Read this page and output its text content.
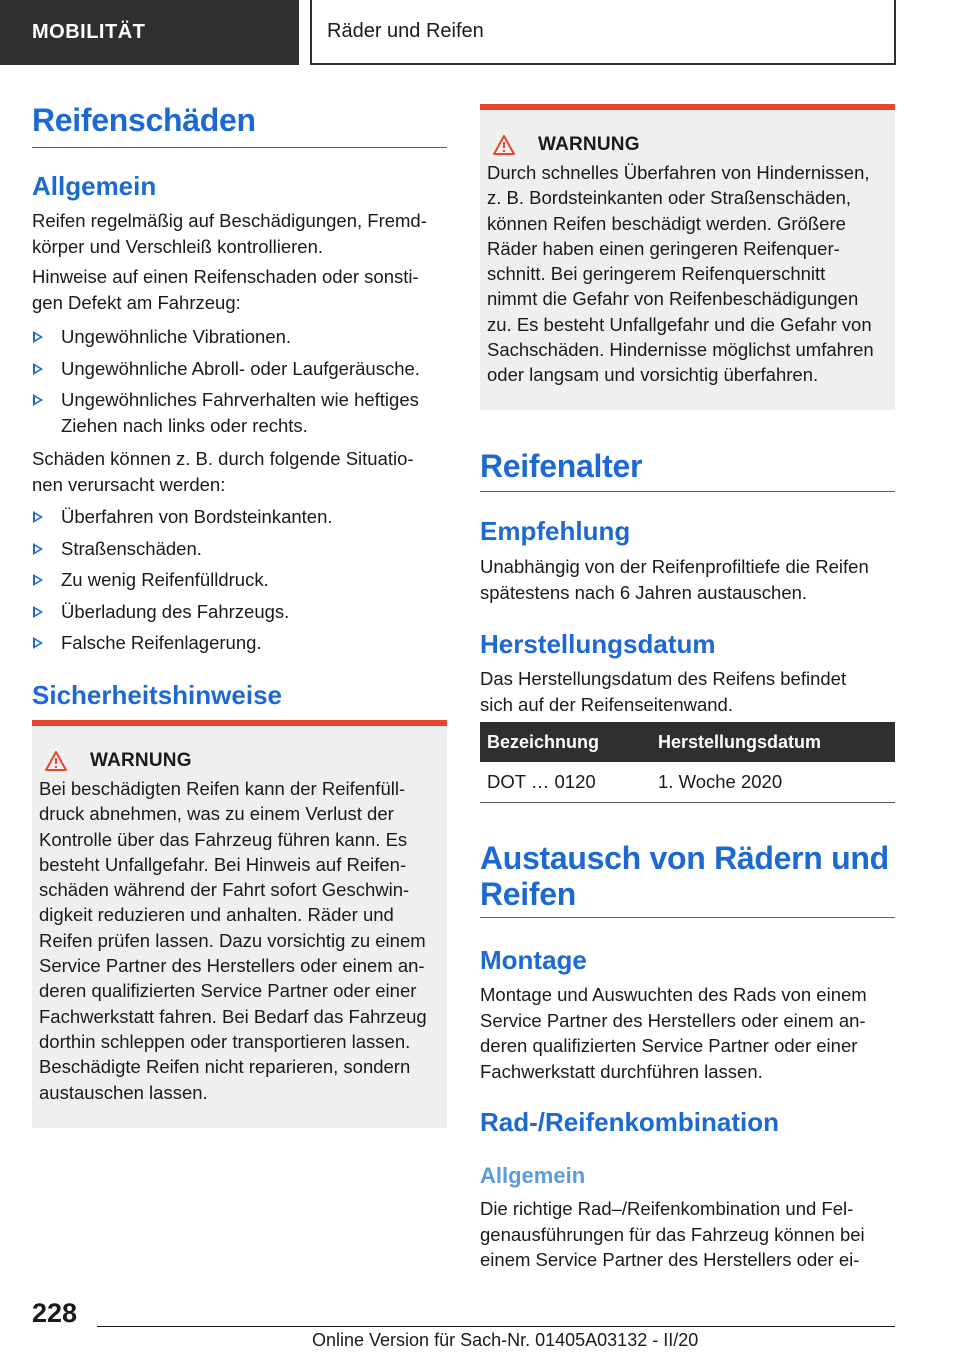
MOBILITÄT	Räder und Reifen
Reifenschäden
Allgemein

Reifen regelmäßig auf Beschädigungen, Fremd-
körper und Verschleiß kontrollieren.

Hinweise auf einen Reifenschaden oder sonsti-
gen Defekt am Fahrzeug:

Ungewöhnliche Vibrationen.
Ungewöhnliche Abroll- oder Laufgeräusche.
Ungewöhnliches Fahrverhalten wie heftiges
Ziehen nach links oder rechts.

Schäden können z. B. durch folgende Situatio-
nen verursacht werden:

Überfahren von Bordsteinkanten.
Straßenschäden.
Zu wenig Reifenfülldruck.
Überladung des Fahrzeugs.
Falsche Reifenlagerung.
Sicherheitshinweise
WARNUNG

Bei beschädigten Reifen kann der Reifenfüll-
druck abnehmen, was zu einem Verlust der
Kontrolle über das Fahrzeug führen kann. Es
besteht Unfallgefahr. Bei Hinweis auf Reifen-
schäden während der Fahrt sofort Geschwin-
digkeit reduzieren und anhalten. Räder und
Reifen prüfen lassen. Dazu vorsichtig zu einem
Service Partner des Herstellers oder einem an-
deren qualifizierten Service Partner oder einer
Fachwerkstatt fahren. Bei Bedarf das Fahrzeug
dorthin schleppen oder transportieren lassen.
Beschädigte Reifen nicht reparieren, sondern
austauschen lassen.

WARNUNG

Durch schnelles Überfahren von Hindernissen,
z. B. Bordsteinkanten oder Straßenschäden,
können Reifen beschädigt werden. Größere
Räder haben einen geringeren Reifenquer-
schnitt. Bei geringerem Reifenquerschnitt
nimmt die Gefahr von Reifenbeschädigungen
zu. Es besteht Unfallgefahr und die Gefahr von
Sachschäden. Hindernisse möglichst umfahren
oder langsam und vorsichtig überfahren.

Reifenalter
Empfehlung

Unabhängig von der Reifenprofiltiefe die Reifen
spätestens nach 6 Jahren austauschen.

Herstellungsdatum

Das Herstellungsdatum des Reifens befindet
sich auf der Reifenseitenwand.

Bezeichnung	Herstellungsdatum
DOT … 0120	1. Woche 2020
Austausch von Rädern und
Reifen
Montage

Montage und Auswuchten des Rads von einem
Service Partner des Herstellers oder einem an-
deren qualifizierten Service Partner oder einer
Fachwerkstatt durchführen lassen.

Rad-/Reifenkombination
Allgemein

Die richtige Rad–/Reifenkombination und Fel-
genausführungen für das Fahrzeug können bei
einem Service Partner des Herstellers oder ei-

228
Online Version für Sach-Nr. 01405A03132 - II/20
